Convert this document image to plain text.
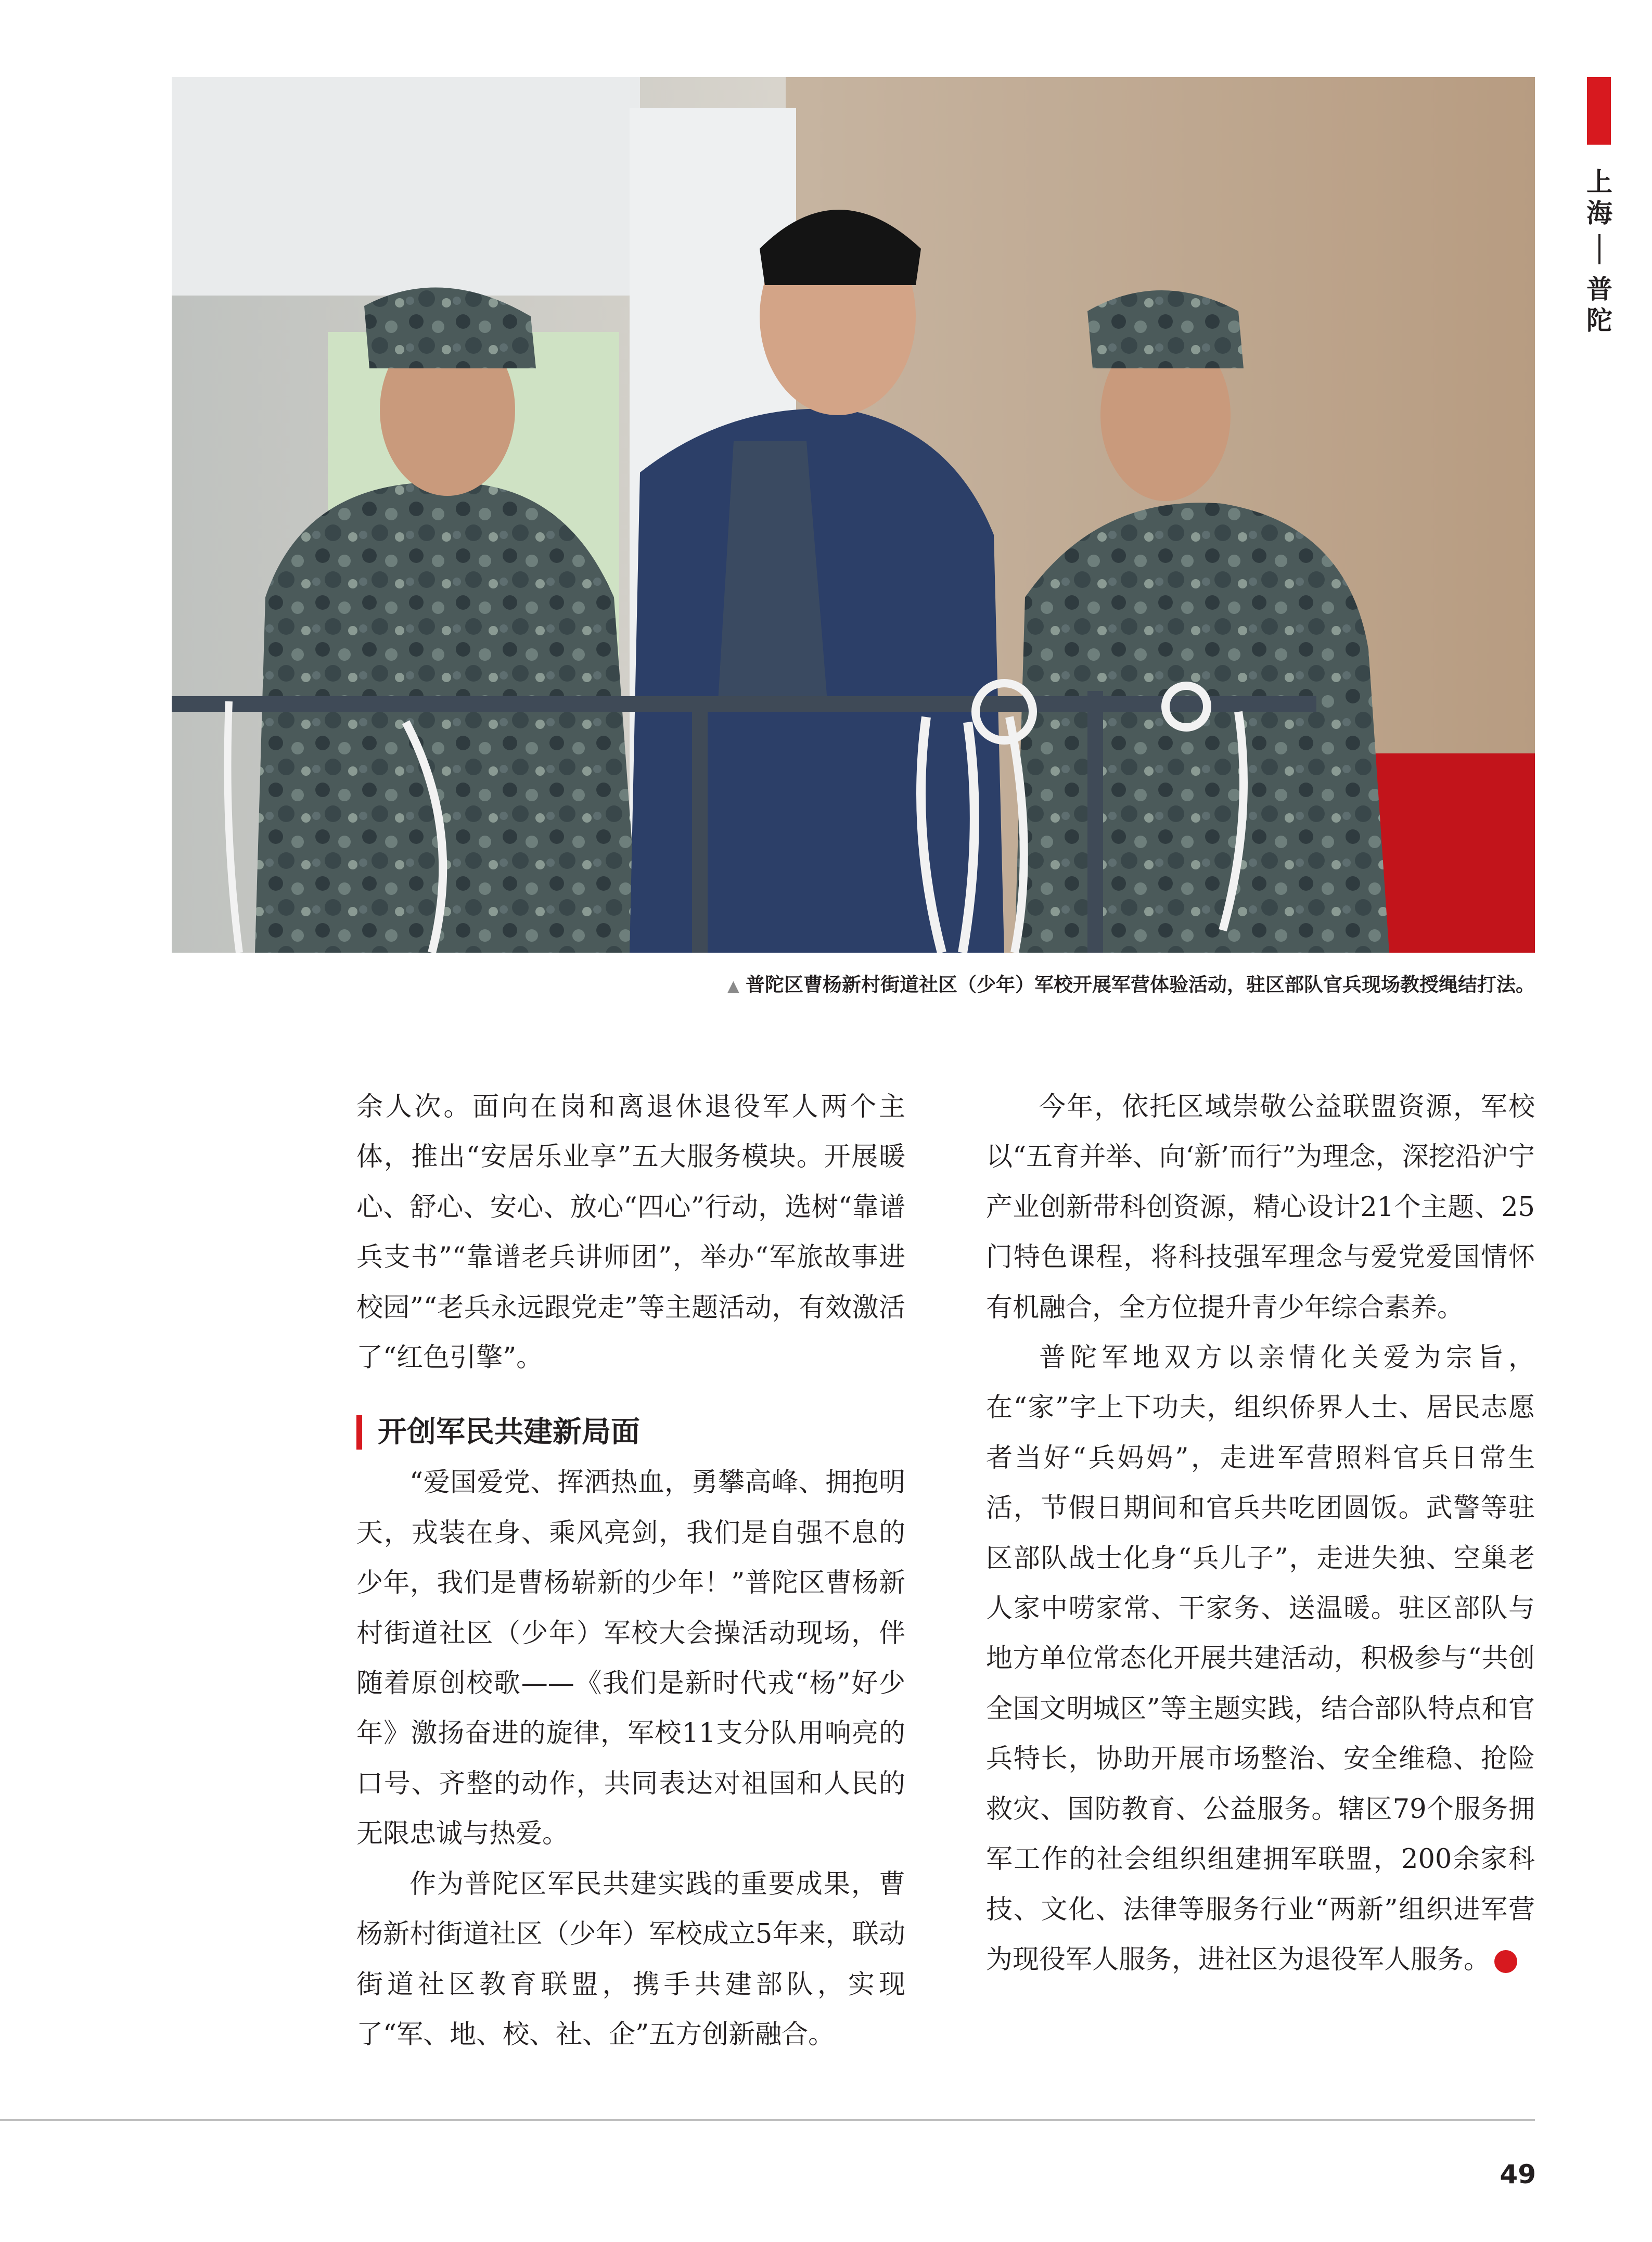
上海
普陀
▲ 普陀区曹杨新村街道社区（少年）军校开展军营体验活动，驻区部队官兵现场教授绳结打法。

余人次。面向在岗和离退休退役军人两个主体，推出“安居乐业享”五大服务模块。开展暖心、舒心、安心、放心“四心”行动，选树“靠谱兵支书”“靠谱老兵讲师团”，举办“军旅故事进校园”“老兵永远跟党走”等主题活动，有效激活了“红色引擎”。

开创军民共建新局面

“爱国爱党、挥洒热血，勇攀高峰、拥抱明天，戎装在身、乘风亮剑，我们是自强不息的少年，我们是曹杨崭新的少年！”普陀区曹杨新村街道社区（少年）军校大会操活动现场，伴随着原创校歌——《我们是新时代戎“杨”好少年》激扬奋进的旋律，军校11支分队用响亮的口号、齐整的动作，共同表达对祖国和人民的无限忠诚与热爱。

作为普陀区军民共建实践的重要成果，曹杨新村街道社区（少年）军校成立5年来，联动街道社区教育联盟，携手共建部队，实现了“军、地、校、社、企”五方创新融合。

今年，依托区域崇敬公益联盟资源，军校以“五育并举、向‘新’而行”为理念，深挖沿沪宁产业创新带科创资源，精心设计21个主题、25门特色课程，将科技强军理念与爱党爱国情怀有机融合，全方位提升青少年综合素养。

普陀军地双方以亲情化关爱为宗旨，在“家”字上下功夫，组织侨界人士、居民志愿者当好“兵妈妈”，走进军营照料官兵日常生活，节假日期间和官兵共吃团圆饭。武警等驻区部队战士化身“兵儿子”，走进失独、空巢老人家中唠家常、干家务、送温暖。驻区部队与地方单位常态化开展共建活动，积极参与“共创全国文明城区”等主题实践，结合部队特点和官兵特长，协助开展市场整治、安全维稳、抢险救灾、国防教育、公益服务。辖区79个服务拥军工作的社会组织组建拥军联盟，200余家科技、文化、法律等服务行业“两新”组织进军营为现役军人服务，进社区为退役军人服务。	N

49
